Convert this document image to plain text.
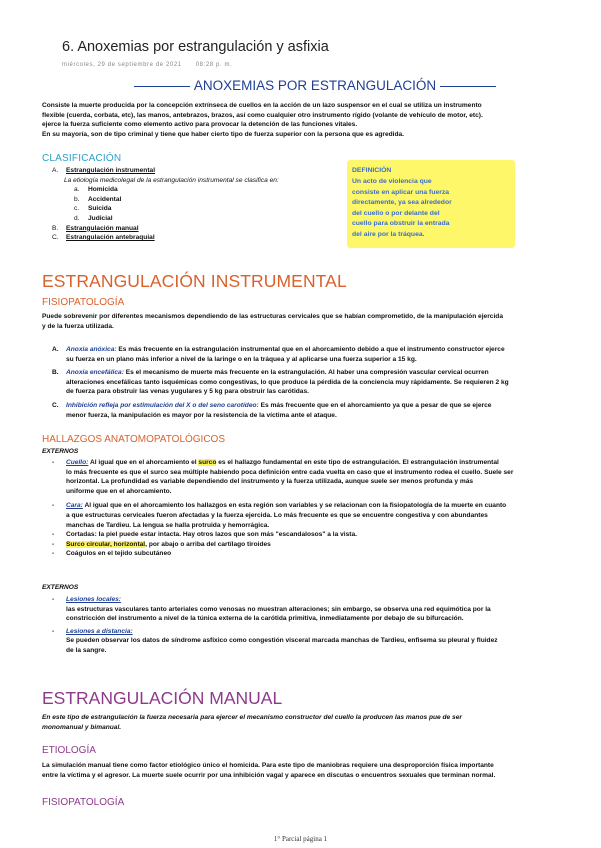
6. Anoxemias por estrangulación y asfixia
miércoles, 29 de septiembre de 2021 08:28 p. m.
ANOXEMIAS POR ESTRANGULACIÓN
Consiste la muerte producida por la concepción extrínseca de cuellos en la acción de un lazo suspensor en el cual se utiliza un instrumento
flexible (cuerda, corbata, etc), las manos, antebrazos, brazos, así como cualquier otro instrumento rígido (volante de vehículo de motor, etc).
ejerce la fuerza suficiente como elemento activo para provocar la detención de las funciones vitales.
En su mayoría, son de tipo criminal y tiene que haber cierto tipo de fuerza superior con la persona que es agredida.
CLASIFICACIÓN
A. Estrangulación instrumental
La etiología medicolegal de la estrangulación instrumental se clasifica en:
a. Homicida
b. Accidental
c. Suicida
d. Judicial
B. Estrangulación manual
C. Estrangulación antebraquial
DEFINICIÓN
Un acto de violencia que
consiste en aplicar una fuerza
directamente, ya sea alrededor
del cuello o por delante del
cuello para obstruir la entrada
del aire por la tráquea.
ESTRANGULACIÓN INSTRUMENTAL
FISIOPATOLOGÍA
Puede sobrevenir por diferentes mecanismos dependiendo de las estructuras cervicales que se habían comprometido, de la manipulación ejercida
y de la fuerza utilizada.
A. Anoxia anóxica: Es más frecuente en la estrangulación instrumental que en el ahorcamiento debido a que el instrumento constructor ejerce
su fuerza en un plano más inferior a nivel de la laringe o en la tráquea y al aplicarse una fuerza superior a 15 kg.
B. Anoxia encefálica: Es el mecanismo de muerte más frecuente en la estrangulación. Al haber una compresión vascular cervical ocurren
alteraciones encefálicas tanto isquémicas como congestivas, lo que produce la pérdida de la conciencia muy rápidamente. Se requieren 2 kg
de fuerza para obstruir las venas yugulares y 5 kg para obstruir las carótidas.
C. Inhibición refleja por estimulación del X o del seno carotídeo: Es más frecuente que en el ahorcamiento ya que a pesar de que se ejerce
menor fuerza, la manipulación es mayor por la resistencia de la víctima ante el ataque.
HALLAZGOS ANATOMOPATOLÓGICOS
EXTERNOS
- Cuello: Al igual que en el ahorcamiento el surco es el hallazgo fundamental en este tipo de estrangulación. El estrangulación instrumental
lo más frecuente es que el surco sea múltiple habiendo poca definición entre cada vuelta en caso que el instrumento rodea el cuello. Suele ser
horizontal. La profundidad es variable dependiendo del instrumento y la fuerza utilizada, aunque suele ser menos profunda y más
uniforme que en el ahorcamiento.
- Cara: Al igual que en el ahorcamiento los hallazgos en esta región son variables y se relacionan con la fisiopatología de la muerte en cuanto
a que estructuras cervicales fueron afectadas y la fuerza ejercida. Lo más frecuente es que se encuentre congestiva y con abundantes
manchas de Tardieu. La lengua se halla protruida y hemorrágica.
- Cortadas: la piel puede estar intacta. Hay otros lazos que son más "escandalosos" a la vista.
- Surco circular, horizontal, por abajo o arriba del cartílago tiroides
- Coágulos en el tejido subcutáneo
EXTERNOS
- Lesiones locales:
las estructuras vasculares tanto arteriales como venosas no muestran alteraciones; sin embargo, se observa una red equimótica por la
constricción del instrumento a nivel de la túnica externa de la carótida primitiva, inmediatamente por debajo de su bifurcación.
- Lesiones a distancia:
Se pueden observar los datos de síndrome asfíxico como congestión visceral marcada manchas de Tardieu, enfisema su pleural y fluidez
de la sangre.
ESTRANGULACIÓN MANUAL
En este tipo de estrangulación la fuerza necesaria para ejercer el mecanismo constructor del cuello la producen las manos pue de ser
monomanual y bimanual.
ETIOLOGÍA
La simulación manual tiene como factor etiológico único el homicida. Para este tipo de maniobras requiere una desproporción física importante
entre la víctima y el agresor. La muerte suele ocurrir por una inhibición vagal y aparece en discutas o encuentros sexuales que terminan normal.
FISIOPATOLOGÍA
1° Parcial página 1
